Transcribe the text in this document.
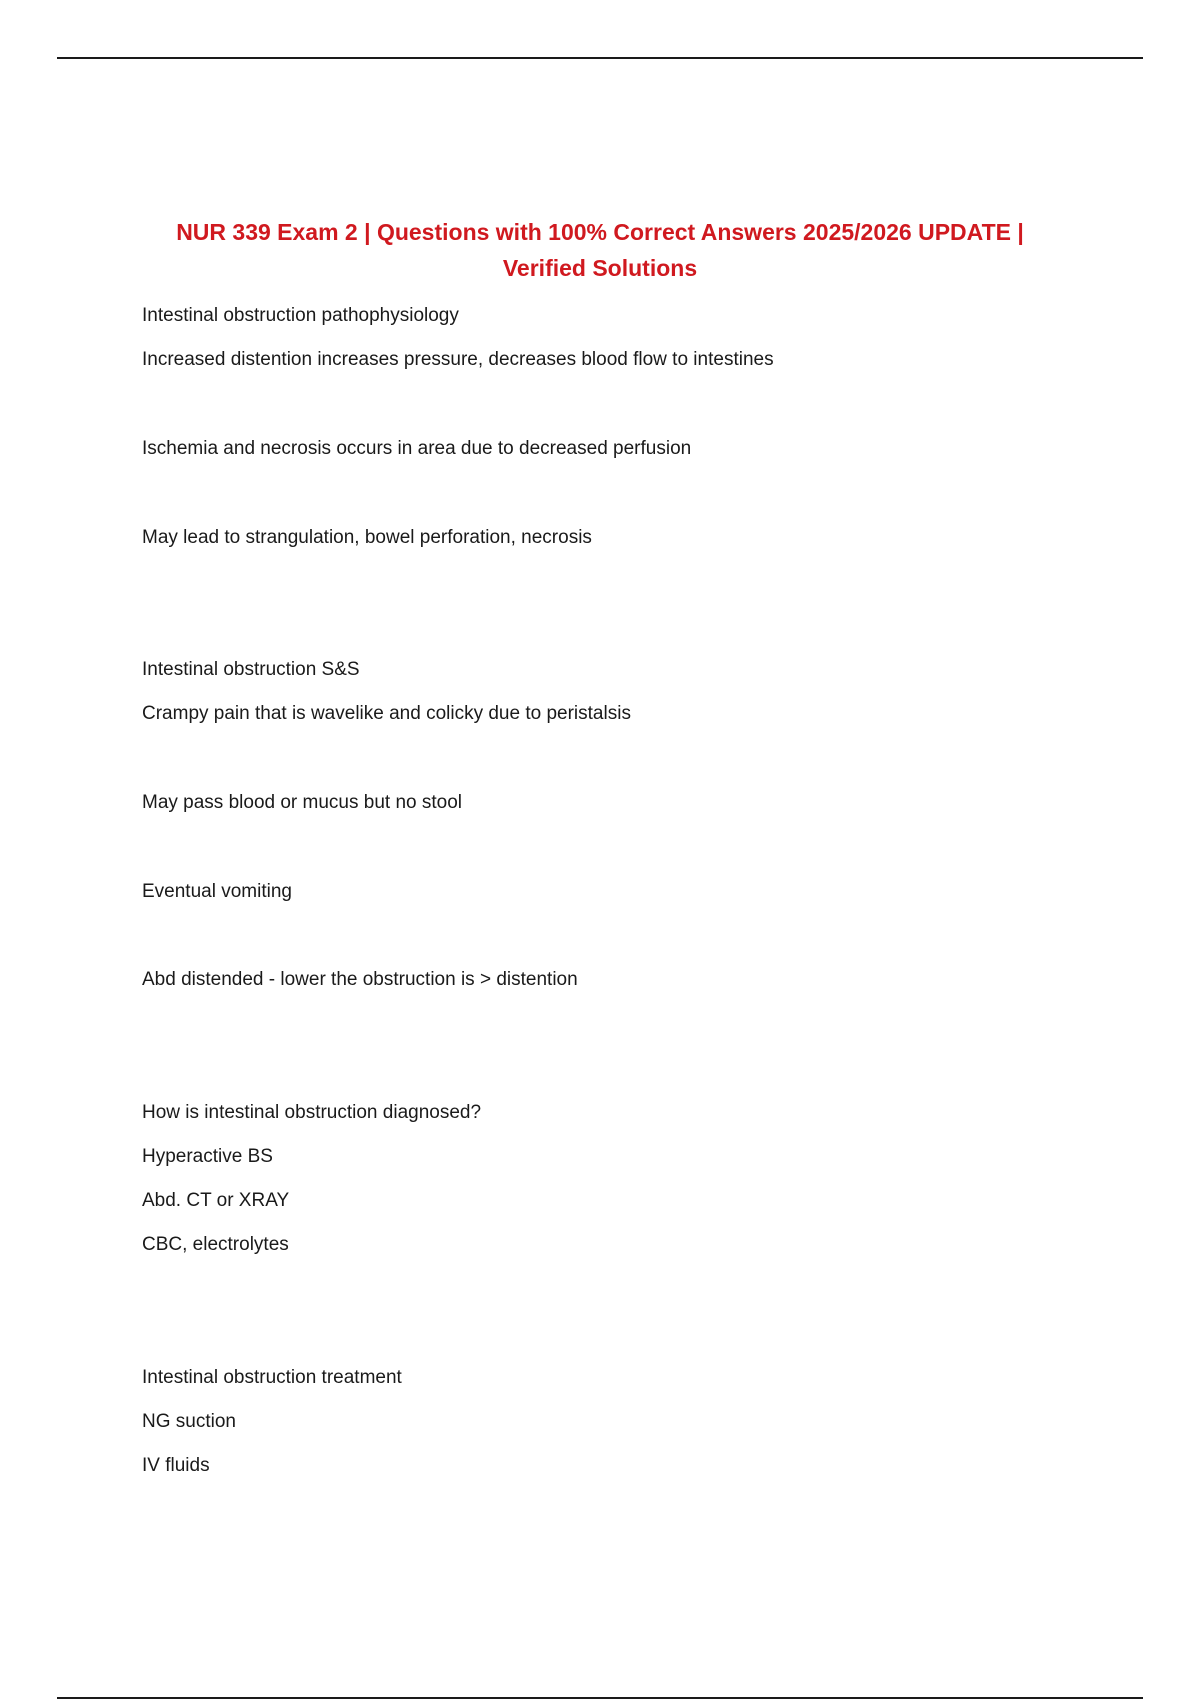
NUR 339 Exam 2 | Questions with 100% Correct Answers 2025/2026 UPDATE |
Verified Solutions
Intestinal obstruction pathophysiology
Increased distention increases pressure, decreases blood flow to intestines
Ischemia and necrosis occurs in area due to decreased perfusion
May lead to strangulation, bowel perforation, necrosis
Intestinal obstruction S&S
Crampy pain that is wavelike and colicky due to peristalsis
May pass blood or mucus but no stool
Eventual vomiting
Abd distended - lower the obstruction is > distention
How is intestinal obstruction diagnosed?
Hyperactive BS
Abd. CT or XRAY
CBC, electrolytes
Intestinal obstruction treatment
NG suction
IV fluids
